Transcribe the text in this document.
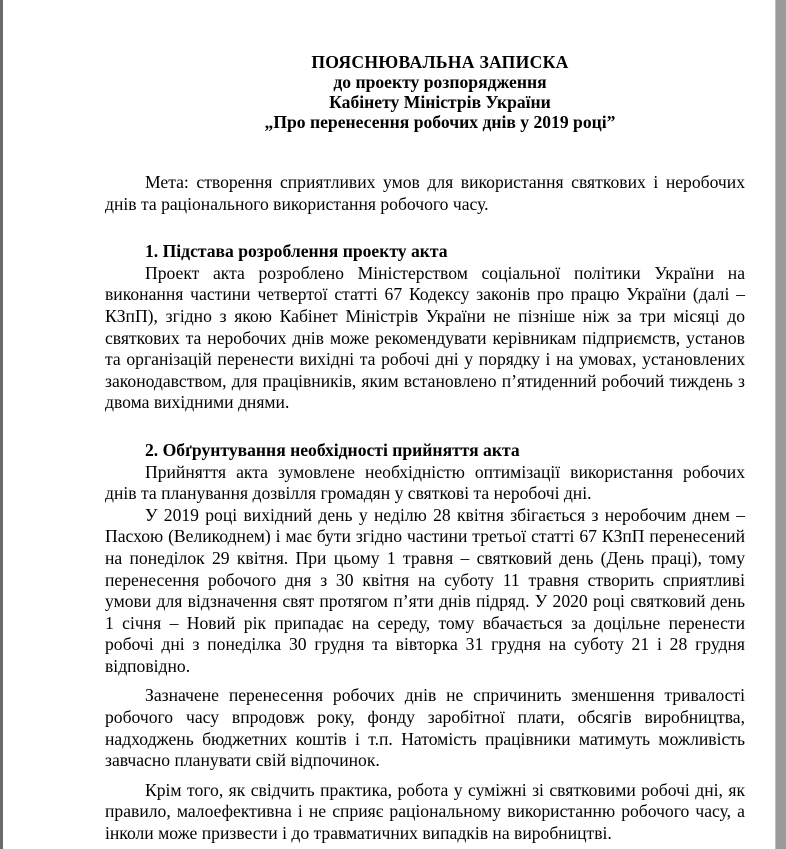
ПОЯСНЮВАЛЬНА ЗАПИСКА
до проекту розпорядження
Кабінету Міністрів України
„Про перенесення робочих днів у 2019 році”

Мета: створення сприятливих умов для використання святкових і неробочих днів та раціонального використання робочого часу.

1. Підстава розроблення проекту акта

Проект акта розроблено Міністерством соціальної політики України на виконання частини четвертої статті 67 Кодексу законів про працю України (далі – КЗпП), згідно з якою Кабінет Міністрів України не пізніше ніж за три місяці до святкових та неробочих днів може рекомендувати керівникам підприємств, установ та організацій перенести вихідні та робочі дні у порядку і на умовах, установлених законодавством, для працівників, яким встановлено п’ятиденний робочий тиждень з двома вихідними днями.

2. Обґрунтування необхідності прийняття акта

Прийняття акта зумовлене необхідністю оптимізації використання робочих днів та планування дозвілля громадян у святкові та неробочі дні.

У 2019 році вихідний день у неділю 28 квітня збігається з неробочим днем – Пасхою (Великоднем) і має бути згідно частини третьої статті 67 КЗпП перенесений на понеділок 29 квітня. При цьому 1 травня – святковий день (День праці), тому перенесення робочого дня з 30 квітня на суботу 11 травня створить сприятливі умови для відзначення свят протягом п’яти днів підряд. У 2020 році святковий день 1 січня – Новий рік припадає на середу, тому вбачається за доцільне перенести робочі дні з понеділка 30 грудня та вівторка 31 грудня на суботу 21 і 28 грудня відповідно.

Зазначене перенесення робочих днів не спричинить зменшення тривалості робочого часу впродовж року, фонду заробітної плати, обсягів виробництва, надходжень бюджетних коштів і т.п. Натомість працівники матимуть можливість завчасно планувати свій відпочинок.

Крім того, як свідчить практика, робота у суміжні зі святковими робочі дні, як правило, малоефективна і не сприяє раціональному використанню робочого часу, а інколи може призвести і до травматичних випадків на виробництві.
